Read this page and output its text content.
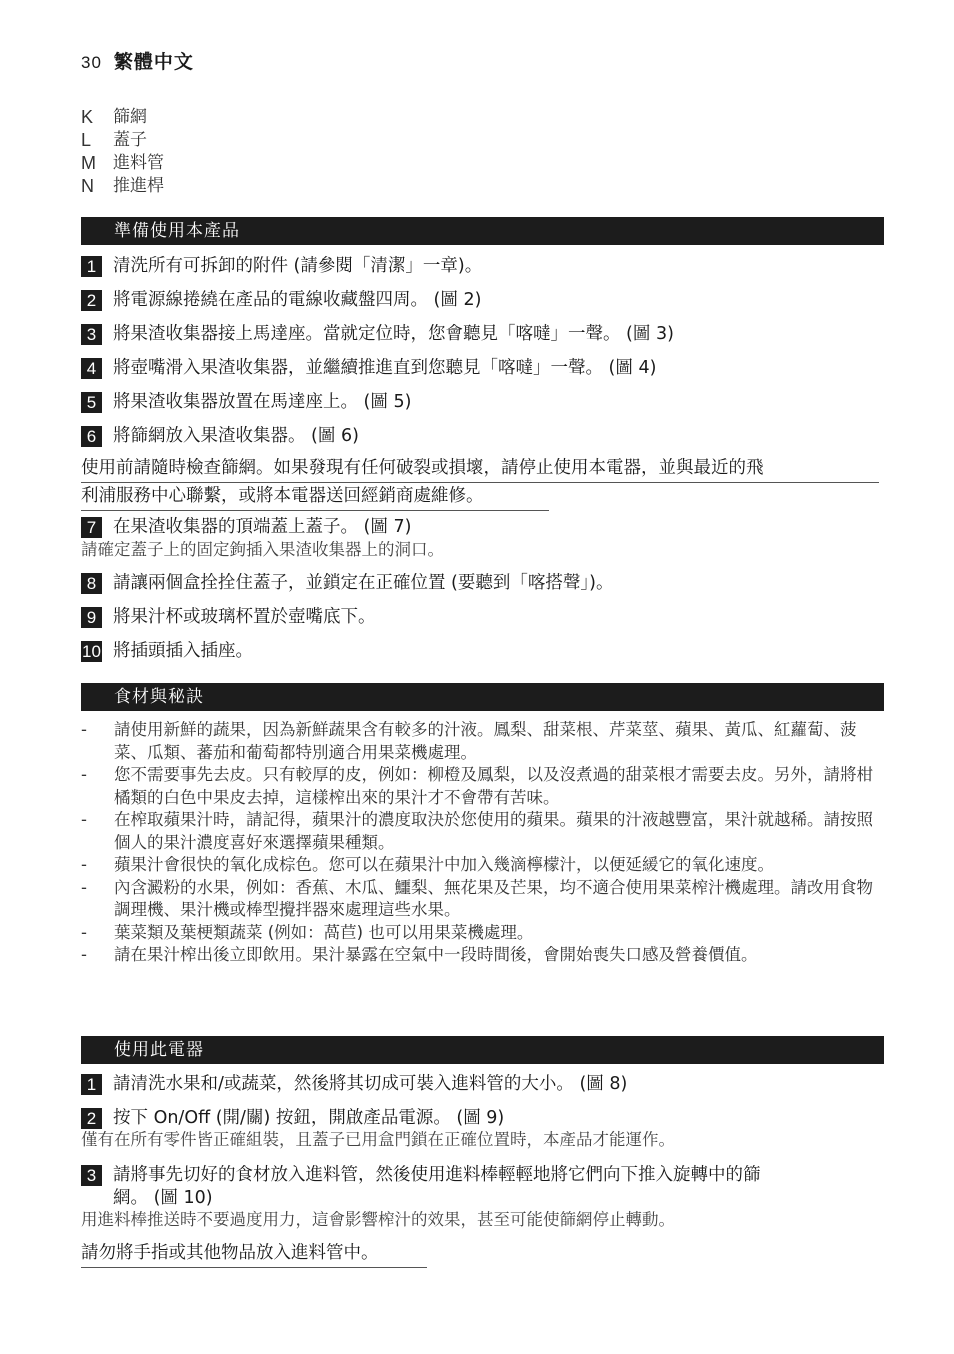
30 繁體中文
K	篩網
L	蓋子
M	進料管
N	推進桿
準備使用本產品
1 清洗所有可拆卸的附件 (請參閱「清潔」一章)。
2 將電源線捲繞在產品的電線收藏盤四周。 (圖 2)
3 將果渣收集器接上馬達座。當就定位時，您會聽見「喀噠」一聲。 (圖 3)
4 將壺嘴滑入果渣收集器，並繼續推進直到您聽見「喀噠」一聲。 (圖 4)
5 將果渣收集器放置在馬達座上。 (圖 5)
6 將篩網放入果渣收集器。 (圖 6)
使用前請隨時檢查篩網。如果發現有任何破裂或損壞，請停止使用本電器，並與最近的飛
利浦服務中心聯繫，或將本電器送回經銷商處維修。
7 在果渣收集器的頂端蓋上蓋子。 (圖 7)
請確定蓋子上的固定鉤插入果渣收集器上的洞口。
8 請讓兩個盒拴拴住蓋子，並鎖定在正確位置 (要聽到「喀搭聲」)。
9 將果汁杯或玻璃杯置於壺嘴底下。
10 將插頭插入插座。
食材與秘訣
-	請使用新鮮的蔬果，因為新鮮蔬果含有較多的汁液。鳳梨、甜菜根、芹菜莖、蘋果、黃瓜、紅蘿蔔、菠菜、瓜類、蕃茄和葡萄都特別適合用果菜機處理。
-	您不需要事先去皮。只有較厚的皮，例如：柳橙及鳳梨，以及沒煮過的甜菜根才需要去皮。另外，請將柑橘類的白色中果皮去掉，這樣榨出來的果汁才不會帶有苦味。
-	在榨取蘋果汁時，請記得，蘋果汁的濃度取決於您使用的蘋果。蘋果的汁液越豐富，果汁就越稀。請按照個人的果汁濃度喜好來選擇蘋果種類。
-	蘋果汁會很快的氧化成棕色。您可以在蘋果汁中加入幾滴檸檬汁，以便延緩它的氧化速度。
-	內含澱粉的水果，例如：香蕉、木瓜、鱷梨、無花果及芒果，均不適合使用果菜榨汁機處理。請改用食物調理機、果汁機或棒型攪拌器來處理這些水果。
-	葉菜類及葉梗類蔬菜 (例如：萵苣) 也可以用果菜機處理。
-	請在果汁榨出後立即飲用。果汁暴露在空氣中一段時間後，會開始喪失口感及營養價值。
使用此電器
1 請清洗水果和/或蔬菜，然後將其切成可裝入進料管的大小。 (圖 8)
2 按下 On/Off (開/關) 按鈕，開啟產品電源。 (圖 9)
僅有在所有零件皆正確組裝，且蓋子已用盒門鎖在正確位置時，本產品才能運作。
3 請將事先切好的食材放入進料管，然後使用進料棒輕輕地將它們向下推入旋轉中的篩
網。 (圖 10)
用進料棒推送時不要過度用力，這會影響榨汁的效果，甚至可能使篩網停止轉動。
請勿將手指或其他物品放入進料管中。
